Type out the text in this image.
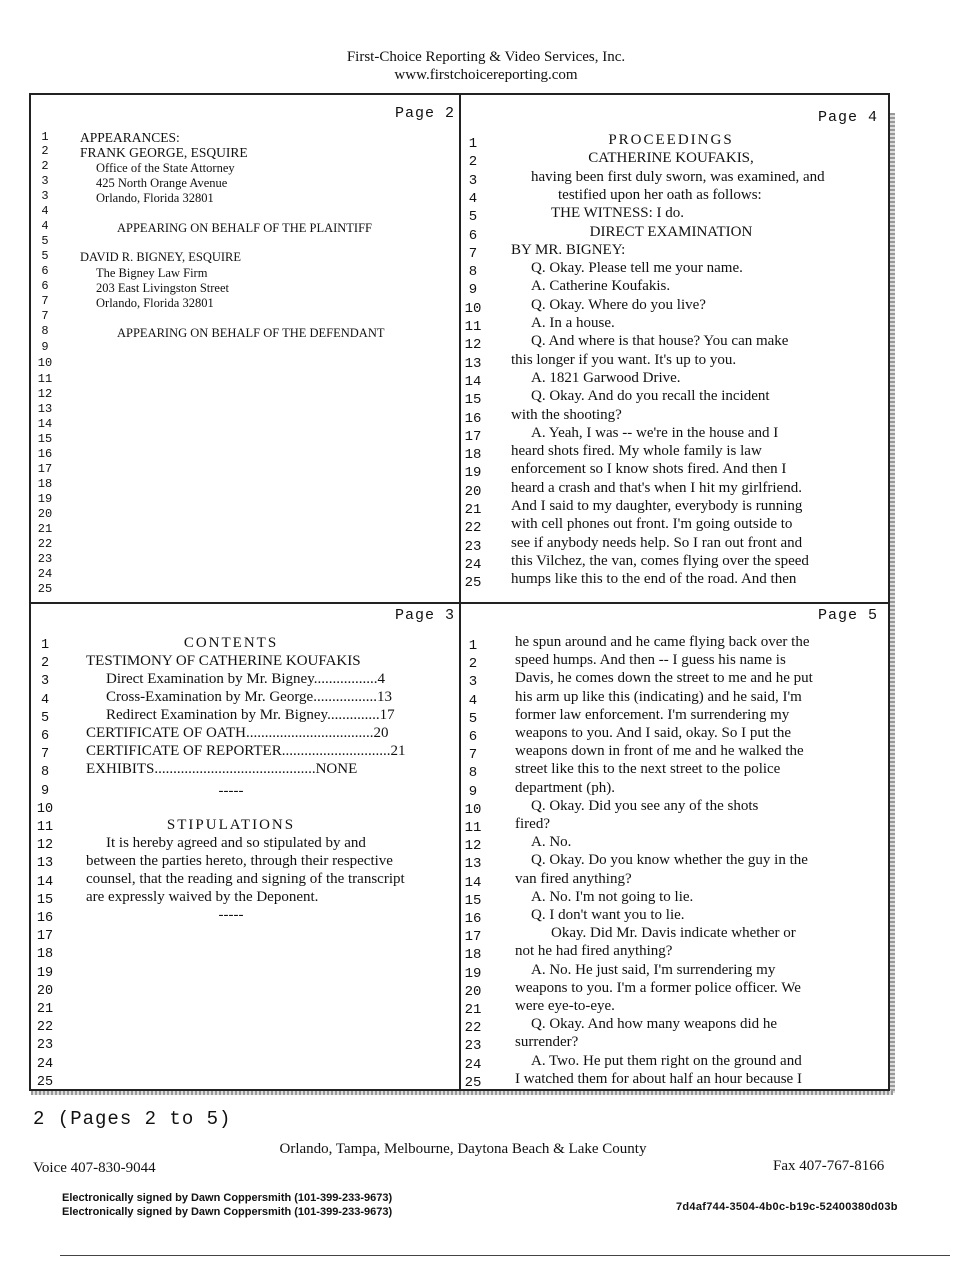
First-Choice Reporting & Video Services, Inc.
www.firstchoicereporting.com
Page 2	Page 4
Page 3	Page 5
1
2
2
3
3
4
4
5
5
6
6
7
7
8
9
10
11
12
13
14
15
16
17
18
19
20
21
22
23
24
25
APPEARANCES:
FRANK GEORGE, ESQUIRE
Office of the State Attorney
425 North Orange Avenue
Orlando, Florida 32801
APPEARING ON BEHALF OF THE PLAINTIFF
DAVID R. BIGNEY, ESQUIRE
The Bigney Law Firm
203 East Livingston Street
Orlando, Florida 32801
APPEARING ON BEHALF OF THE DEFENDANT
1
2
3
4
5
6
7
8
9
10
11
12
13
14
15
16
17
18
19
20
21
22
23
24
25
CONTENTS
TESTIMONY OF CATHERINE KOUFAKIS
Direct Examination by Mr. Bigney.................4
Cross-Examination by Mr. George.................13
Redirect Examination by Mr. Bigney..............17
CERTIFICATE OF OATH..................................20
CERTIFICATE OF REPORTER.............................21
EXHIBITS...........................................NONE
-----
STIPULATIONS
It is hereby agreed and so stipulated by and
between the parties hereto, through their respective
counsel, that the reading and signing of the transcript
are expressly waived by the Deponent.
-----
1	PROCEEDINGS
2	CATHERINE KOUFAKIS,
3	having been first duly sworn, was examined, and
4	testified upon her oath as follows:
5	THE WITNESS: I do.
6	DIRECT EXAMINATION
7	BY MR. BIGNEY:
8	Q. Okay. Please tell me your name.
9	A. Catherine Koufakis.
10	Q. Okay. Where do you live?
11	A. In a house.
12	Q. And where is that house? You can make
13 this longer if you want. It's up to you.
14	A. 1821 Garwood Drive.
15	Q. Okay. And do you recall the incident
16 with the shooting?
17	A. Yeah, I was -- we're in the house and I
18 heard shots fired. My whole family is law
19 enforcement so I know shots fired. And then I
20 heard a crash and that's when I hit my girlfriend.
21 And I said to my daughter, everybody is running
22 with cell phones out front. I'm going outside to
23 see if anybody needs help. So I ran out front and
24 this Vilchez, the van, comes flying over the speed
25 humps like this to the end of the road. And then
1	he spun around and he came flying back over the
2	speed humps. And then -- I guess his name is
3	Davis, he comes down the street to me and he put
4	his arm up like this (indicating) and he said, I'm
5	former law enforcement. I'm surrendering my
6	weapons to you. And I said, okay. So I put the
7	weapons down in front of me and he walked the
8	street like this to the next street to the police
9	department (ph).
10	Q. Okay. Did you see any of the shots
11 fired?
12	A. No.
13	Q. Okay. Do you know whether the guy in the
14 van fired anything?
15	A. No. I'm not going to lie.
16	Q. I don't want you to lie.
17	Okay. Did Mr. Davis indicate whether or
18 not he had fired anything?
19	A. No. He just said, I'm surrendering my
20 weapons to you. I'm a former police officer. We
21 were eye-to-eye.
22	Q. Okay. And how many weapons did he
23 surrender?
24	A. Two. He put them right on the ground and
25 I watched them for about half an hour because I
2 (Pages 2 to 5)
Orlando, Tampa, Melbourne, Daytona Beach & Lake County
Voice 407-830-9044	Fax 407-767-8166
Electronically signed by Dawn Coppersmith (101-399-233-9673)
Electronically signed by Dawn Coppersmith (101-399-233-9673)	7d4af744-3504-4b0c-b19c-52400380d03b
